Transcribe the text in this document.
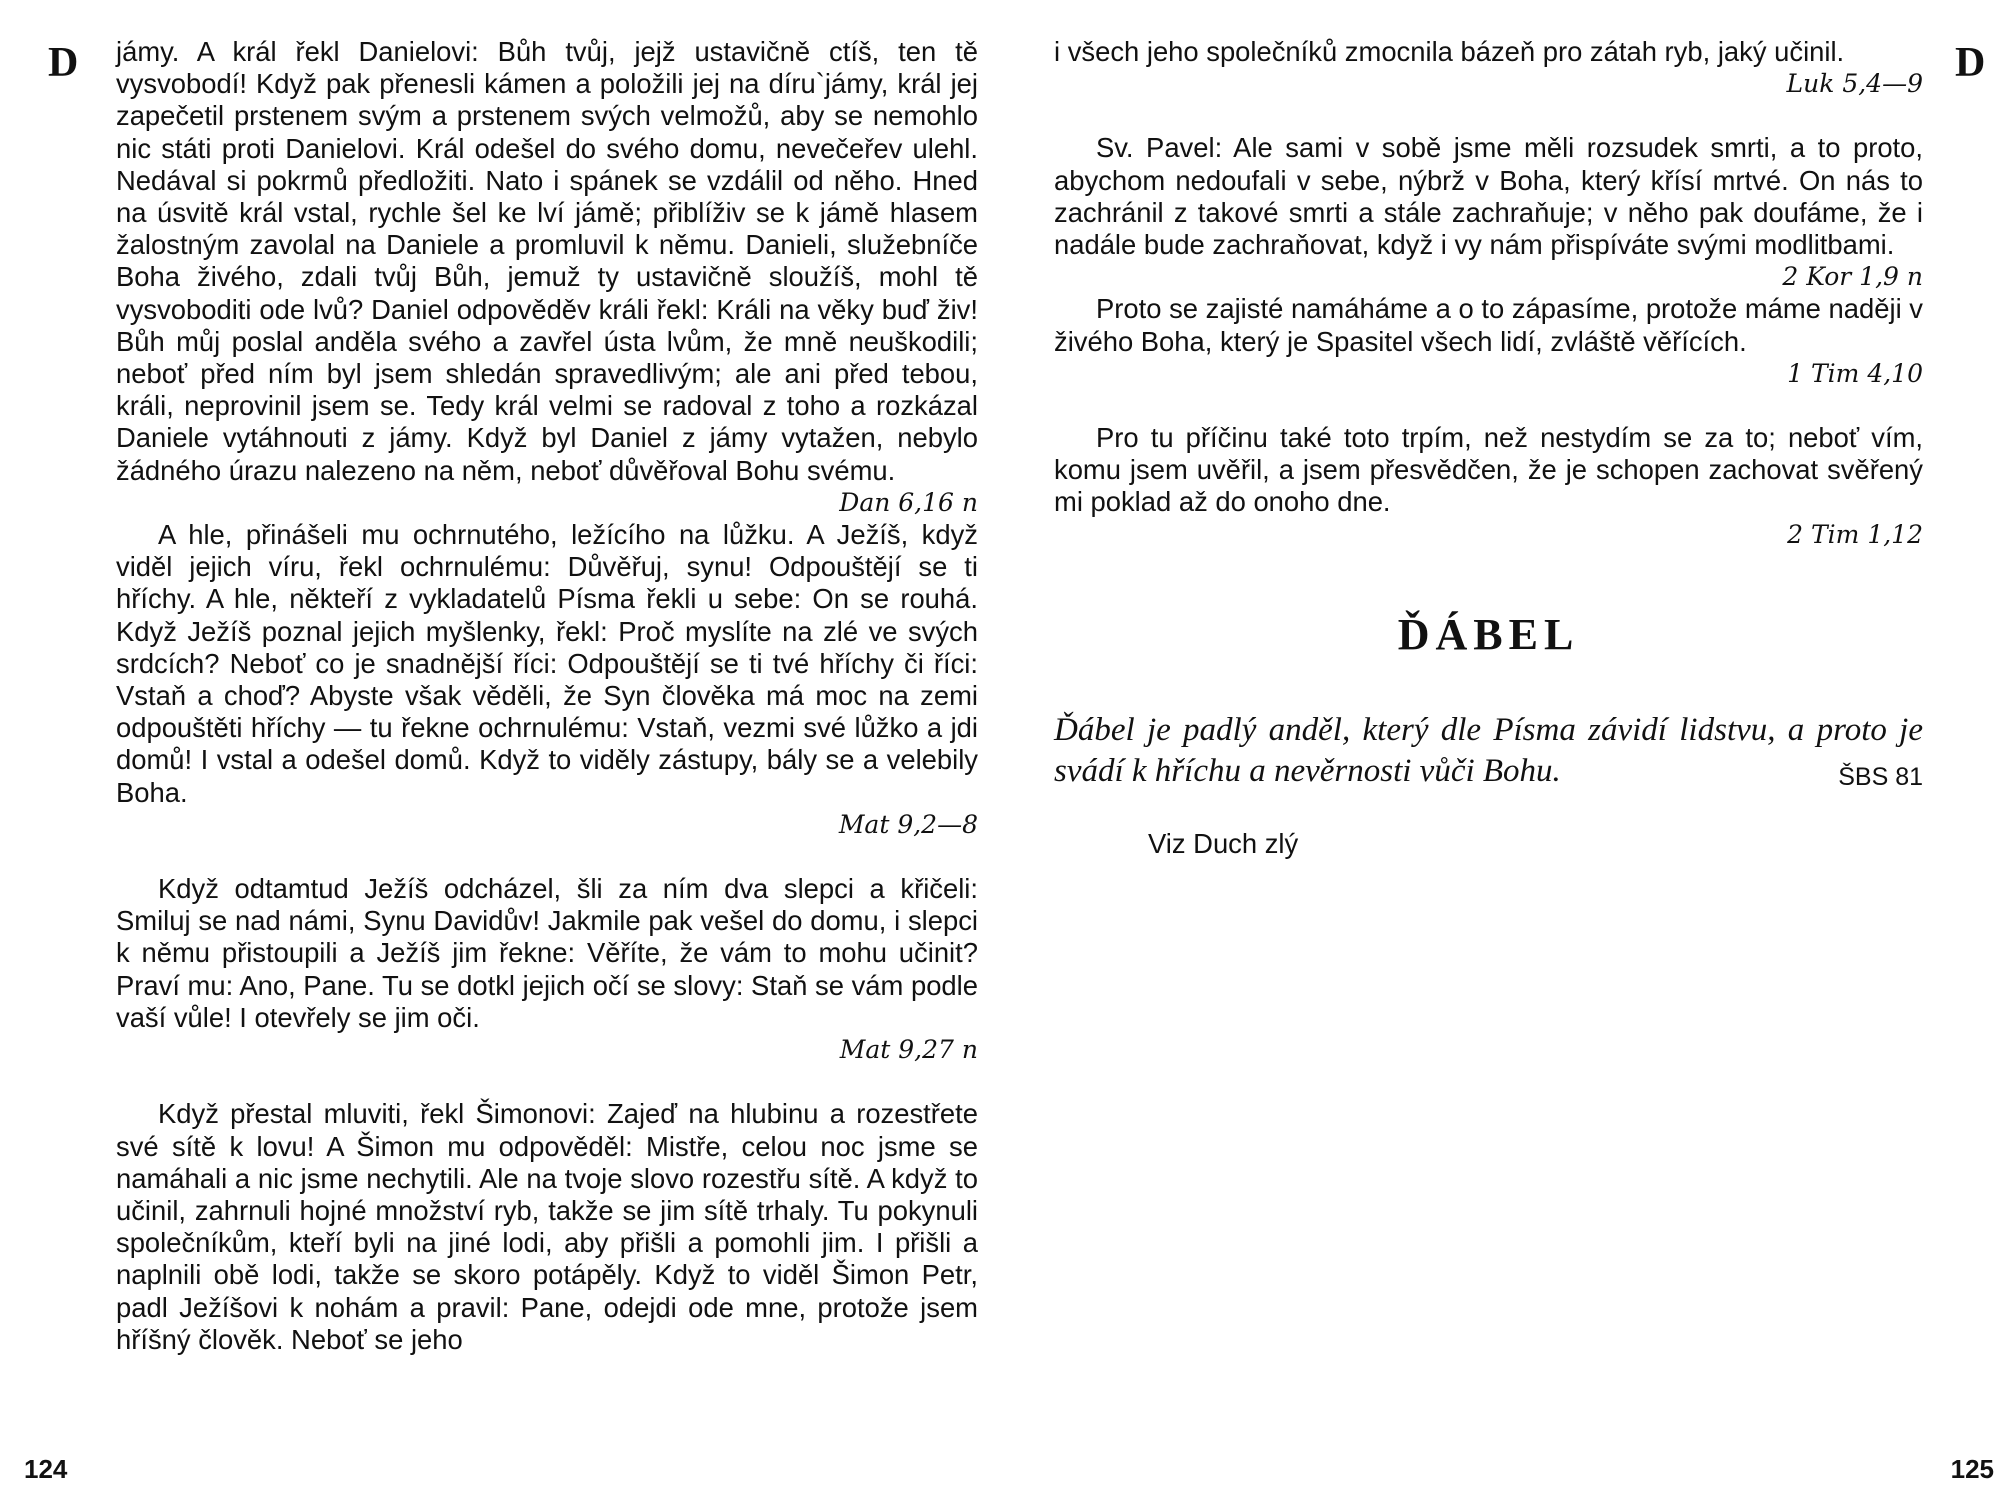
D jámy. A král řekl Danielovi: Bůh tvůj, jejž ustavičně ctíš, ten tě vysvobodí! Když pak přenesli kámen a položili jej na díru`jámy, král jej zapečetil prstenem svým a prstenem svých velmožů, aby se nemohlo nic státi proti Danielovi. Král odešel do svého domu, nevečeřev ulehl. Nedával si pokrmů předložiti. Nato i spánek se vzdálil od něho. Hned na úsvitě král vstal, rychle šel ke lví jámě; přiblíživ se k jámě hlasem žalostným zavolal na Daniele a promluvil k němu. Danieli, služebníče Boha živého, zdali tvůj Bůh, jemuž ty ustavičně sloužíš, mohl tě vysvoboditi ode lvů? Daniel odpověděv králi řekl: Králi na věky buď živ! Bůh můj poslal anděla svého a zavřel ústa lvům, že mně neuškodili; neboť před ním byl jsem shledán spravedlivým; ale ani před tebou, králi, neprovinil jsem se. Tedy král velmi se radoval z toho a rozkázal Daniele vytáhnouti z jámy. Když byl Daniel z jámy vytažen, nebylo žádného úrazu nalezeno na něm, neboť důvěřoval Bohu svému.
Dan 6,16 n

A hle, přinášeli mu ochrnutého, ležícího na lůžku. A Ježíš, když viděl jejich víru, řekl ochrnulému: Důvěřuj, synu! Odpouštějí se ti hříchy. A hle, někteří z vykladatelů Písma řekli u sebe: On se rouhá. Když Ježíš poznal jejich myšlenky, řekl: Proč myslíte na zlé ve svých srdcích? Neboť co je snadnější říci: Odpouštějí se ti tvé hříchy či říci: Vstaň a choď? Abyste však věděli, že Syn člověka má moc na zemi odpouštěti hříchy — tu řekne ochrnulému: Vstaň, vezmi své lůžko a jdi domů! I vstal a odešel domů. Když to viděly zástupy, bály se a velebily Boha.
Mat 9,2—8

Když odtamtud Ježíš odcházel, šli za ním dva slepci a křičeli: Smiluj se nad námi, Synu Davidův! Jakmile pak vešel do domu, i slepci k němu přistoupili a Ježíš jim řekne: Věříte, že vám to mohu učinit? Praví mu: Ano, Pane. Tu se dotkl jejich očí se slovy: Staň se vám podle vaší vůle! I otevřely se jim oči.
Mat 9,27 n

Když přestal mluviti, řekl Šimonovi: Zajeď na hlubinu a rozestřete své sítě k lovu! A Šimon mu odpověděl: Mistře, celou noc jsme se namáhali a nic jsme nechytili. Ale na tvoje slovo rozestřu sítě. A když to učinil, zahrnuli hojné množství ryb, takže se jim sítě trhaly. Tu pokynuli společníkům, kteří byli na jiné lodi, aby přišli a pomohli jim. I přišli a naplnili obě lodi, takže se skoro potápěly. Když to viděl Šimon Petr, padl Ježíšovi k nohám a pravil: Pane, odejdi ode mne, protože jsem hříšný člověk. Neboť se jeho

124
D

i všech jeho společníků zmocnila bázeň pro zátah ryb, jaký učinil.
Luk 5,4—9

Sv. Pavel: Ale sami v sobě jsme měli rozsudek smrti, a to proto, abychom nedoufali v sebe, nýbrž v Boha, který křísí mrtvé. On nás to zachránil z takové smrti a stále zachraňuje; v něho pak doufáme, že i nadále bude zachraňovat, když i vy nám přispíváte svými modlitbami.
2 Kor 1,9 n

Proto se zajisté namáháme a o to zápasíme, protože máme naději v živého Boha, který je Spasitel všech lidí, zvláště věřících.
1 Tim 4,10

Pro tu příčinu také toto trpím, než nestydím se za to; neboť vím, komu jsem uvěřil, a jsem přesvědčen, že je schopen zachovat svěřený mi poklad až do onoho dne.
2 Tim 1,12

ĎÁBEL

Ďábel je padlý anděl, který dle Písma závidí lidstvu, a proto je svádí k hříchu a nevěrnosti vůči Bohu.	ŠBS 81

Viz Duch zlý
125
